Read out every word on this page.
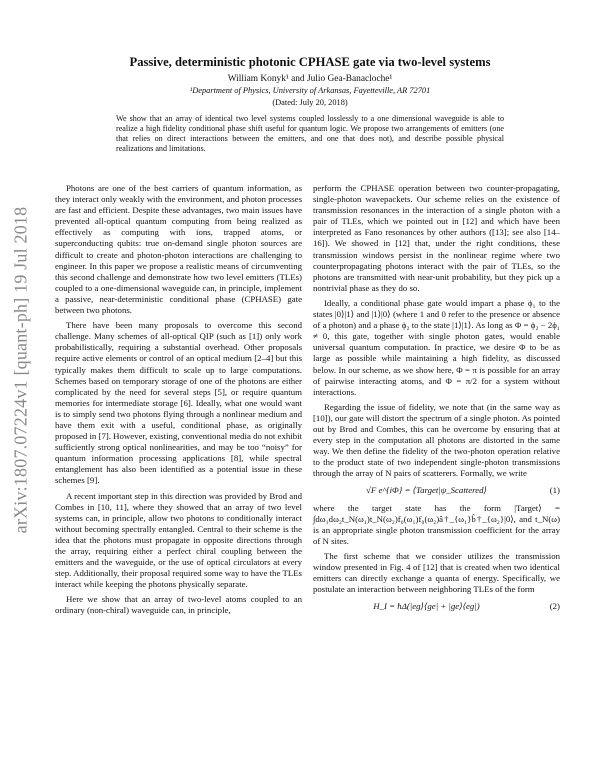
arXiv:1807.07224v1 [quant-ph] 19 Jul 2018
Passive, deterministic photonic CPHASE gate via two-level systems
William Konyk¹ and Julio Gea-Banacloche¹
¹Department of Physics, University of Arkansas, Fayetteville, AR 72701
(Dated: July 20, 2018)
We show that an array of identical two level systems coupled losslessly to a one dimensional waveguide is able to realize a high fidelity conditional phase shift useful for quantum logic. We propose two arrangements of emitters (one that relies on direct interactions between the emitters, and one that does not), and describe possible physical realizations and limitations.

Photons are one of the best carriers of quantum information, as they interact only weakly with the environment, and photon processes are fast and efficient. Despite these advantages, two main issues have prevented all-optical quantum computing from being realized as effectively as computing with ions, trapped atoms, or superconducting qubits: true on-demand single photon sources are difficult to create and photon-photon interactions are challenging to engineer. In this paper we propose a realistic means of circumventing this second challenge and demonstrate how two level emitters (TLEs) coupled to a one-dimensional waveguide can, in principle, implement a passive, near-deterministic conditional phase (CPHASE) gate between two photons.

There have been many proposals to overcome this second challenge. Many schemes of all-optical QIP (such as [1]) only work probabilistically, requiring a substantial overhead. Other proposals require active elements or control of an optical medium [2–4] but this typically makes them difficult to scale up to large computations. Schemes based on temporary storage of one of the photons are either complicated by the need for several steps [5], or require quantum memories for intermediate storage [6]. Ideally, what one would want is to simply send two photons flying through a nonlinear medium and have them exit with a useful, conditional phase, as originally proposed in [7]. However, existing, conventional media do not exhibit sufficiently strong optical nonlinearities, and may be too “noisy” for quantum information processing applications [8], while spectral entanglement has also been identified as a potential issue in these schemes [9].

A recent important step in this direction was provided by Brod and Combes in [10, 11], where they showed that an array of two level systems can, in principle, allow two photons to conditionally interact without becoming spectrally entangled. Central to their scheme is the idea that the photons must propagate in opposite directions through the array, requiring either a perfect chiral coupling between the emitters and the waveguide, or the use of optical circulators at every step. Additionally, their proposal required some way to have the TLEs interact while keeping the photons physically separate.

Here we show that an array of two-level atoms coupled to an ordinary (non-chiral) waveguide can, in principle,

perform the CPHASE operation between two counter-propagating, single-photon wavepackets. Our scheme relies on the existence of transmission resonances in the interaction of a single photon with a pair of TLEs, which we pointed out in [12] and which have been interpreted as Fano resonances by other authors ([13]; see also [14–16]). We showed in [12] that, under the right conditions, these transmission windows persist in the nonlinear regime where two counterpropagating photons interact with the pair of TLEs, so the photons are transmitted with near-unit probability, but they pick up a nontrivial phase as they do so.

Ideally, a conditional phase gate would impart a phase ϕ₁ to the states |0⟩|1⟩ and |1⟩|0⟩ (where 1 and 0 refer to the presence or absence of a photon) and a phase ϕ₂ to the state |1⟩|1⟩. As long as Φ = ϕ₂ − 2ϕ₁ ≠ 0, this gate, together with single photon gates, would enable universal quantum computation. In practice, we desire Φ to be as large as possible while maintaining a high fidelity, as discussed below. In our scheme, as we show here, Φ = π is possible for an array of pairwise interacting atoms, and Φ = π/2 for a system without interactions.

Regarding the issue of fidelity, we note that (in the same way as [10]), our gate will distort the spectrum of a single photon. As pointed out by Brod and Combes, this can be overcome by ensuring that at every step in the computation all photons are distorted in the same way. We then define the fidelity of the two-photon operation relative to the product state of two independent single-photon transmissions through the array of N pairs of scatterers. Formally, we write

√F e^{iΦ} = ⟨Target|ψ_Scattered⟩	(1)

where the target state has the form |Target⟩ = ∫dω₁dω₂t_N(ω₁)t_N(ω₂)f₀(ω₁)f₀(ω₂)â†_{ω₁}b̂†_{ω₂}|0⟩, and t_N(ω) is an appropriate single photon transmission coefficient for the array of N sites.

The first scheme that we consider utilizes the transmission window presented in Fig. 4 of [12] that is created when two identical emitters can directly exchange a quanta of energy. Specifically, we postulate an interaction between neighboring TLEs of the form

H_I = ħΔ(|eg⟩⟨ge| + |ge⟩⟨eg|)	(2)
